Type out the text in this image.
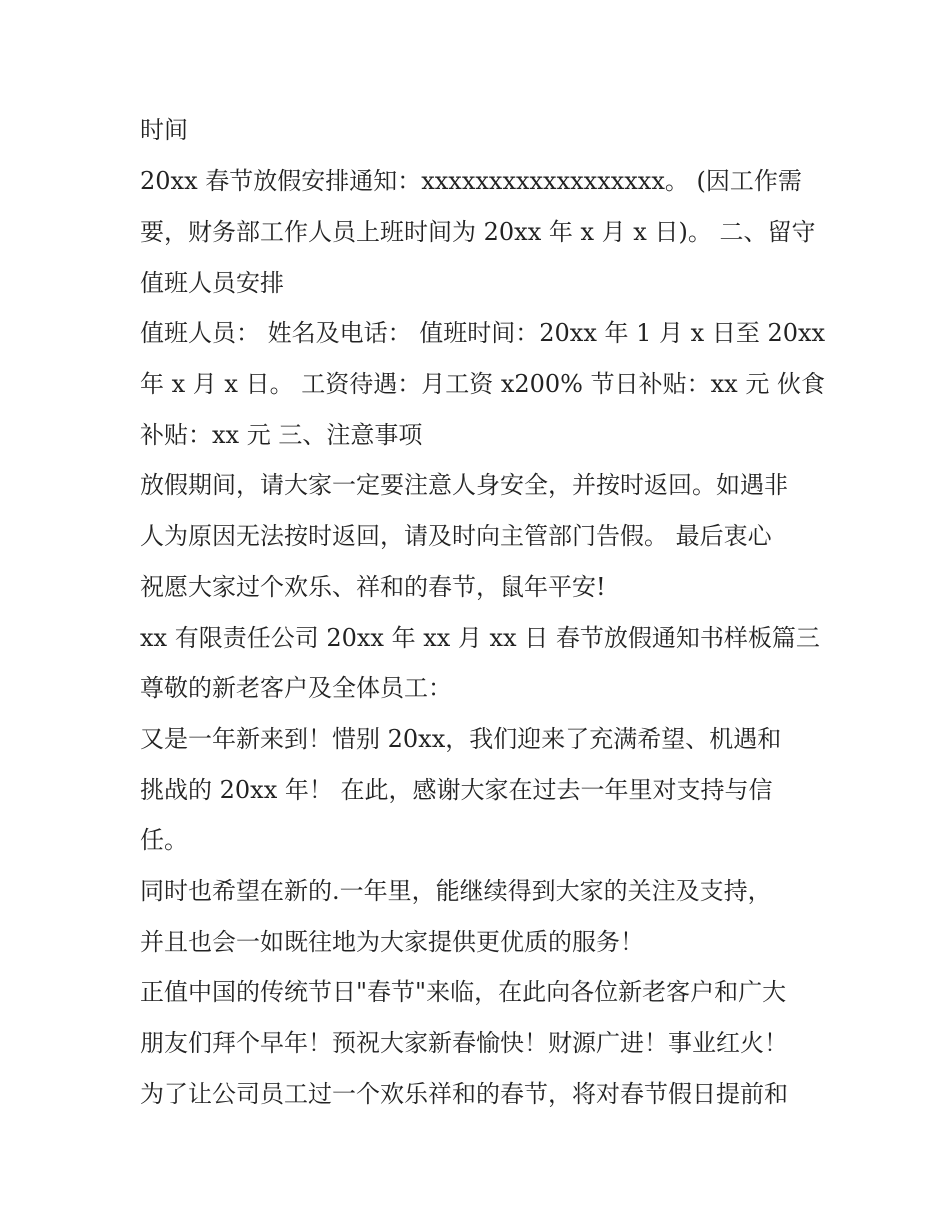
时间
20xx 春节放假安排通知：xxxxxxxxxxxxxxxxxx。 (因工作需
要，财务部工作人员上班时间为 20xx 年 x 月 x 日)。 二、留守
值班人员安排
值班人员： 姓名及电话： 值班时间：20xx 年 1 月 x 日至 20xx
年 x 月 x 日。 工资待遇：月工资 x200% 节日补贴：xx 元 伙食
补贴：xx 元 三、注意事项
放假期间，请大家一定要注意人身安全，并按时返回。如遇非
人为原因无法按时返回，请及时向主管部门告假。 最后衷心
祝愿大家过个欢乐、祥和的春节，鼠年平安!
xx 有限责任公司 20xx 年 xx 月 xx 日 春节放假通知书样板篇三
尊敬的新老客户及全体员工：
又是一年新来到！惜别 20xx，我们迎来了充满希望、机遇和
挑战的 20xx 年！ 在此，感谢大家在过去一年里对支持与信
任。
同时也希望在新的.一年里，能继续得到大家的关注及支持，
并且也会一如既往地为大家提供更优质的服务！
正值中国的传统节日"春节"来临，在此向各位新老客户和广大
朋友们拜个早年！预祝大家新春愉快！财源广进！事业红火！
为了让公司员工过一个欢乐祥和的春节，将对春节假日提前和
